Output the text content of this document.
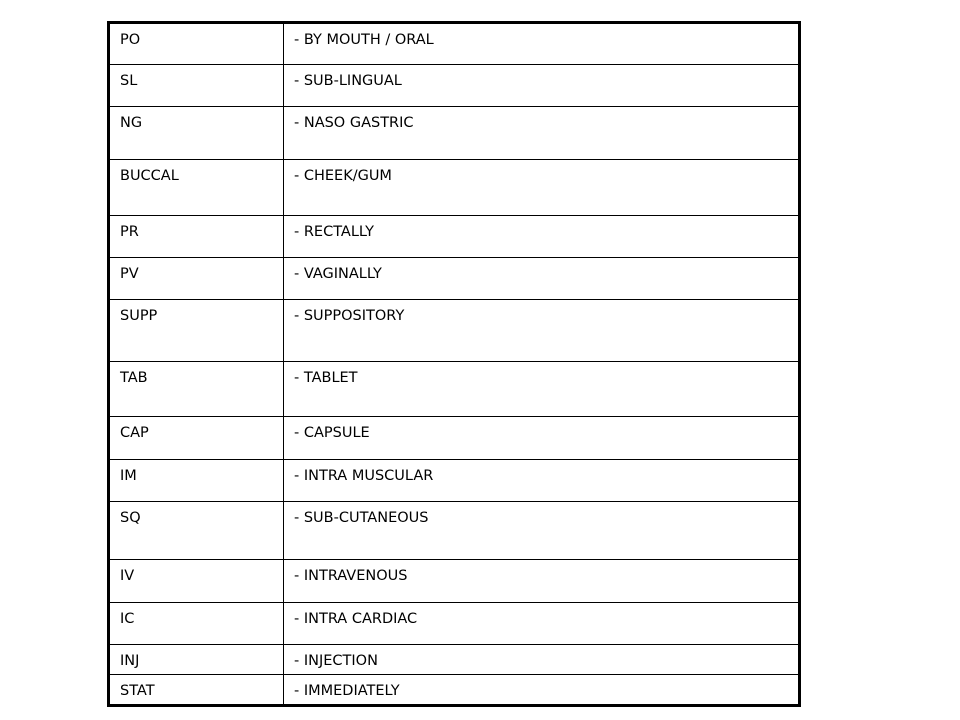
PO	- BY MOUTH / ORAL
SL	- SUB-LINGUAL
NG	- NASO GASTRIC
BUCCAL	- CHEEK/GUM
PR	- RECTALLY
PV	- VAGINALLY
SUPP	- SUPPOSITORY
TAB	- TABLET
CAP	- CAPSULE
IM	- INTRA MUSCULAR
SQ	- SUB-CUTANEOUS
IV	- INTRAVENOUS
IC	- INTRA CARDIAC
INJ	- INJECTION
STAT	- IMMEDIATELY
